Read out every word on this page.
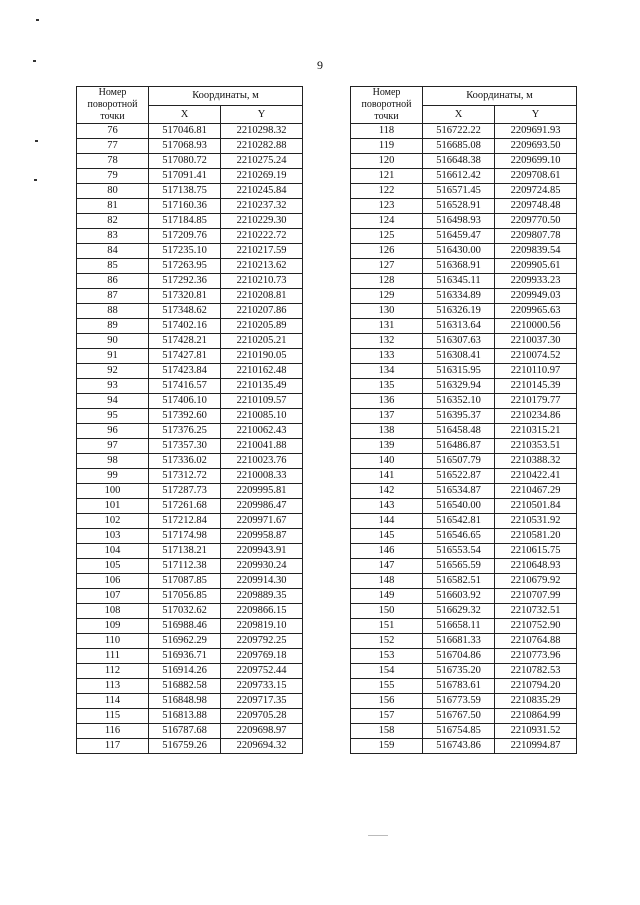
9
Номер
поворотной
точки	Координаты, м	
	X	Y
76	517046.81	2210298.32
77	517068.93	2210282.88
78	517080.72	2210275.24
79	517091.41	2210269.19
80	517138.75	2210245.84
81	517160.36	2210237.32
82	517184.85	2210229.30
83	517209.76	2210222.72
84	517235.10	2210217.59
85	517263.95	2210213.62
86	517292.36	2210210.73
87	517320.81	2210208.81
88	517348.62	2210207.86
89	517402.16	2210205.89
90	517428.21	2210205.21
91	517427.81	2210190.05
92	517423.84	2210162.48
93	517416.57	2210135.49
94	517406.10	2210109.57
95	517392.60	2210085.10
96	517376.25	2210062.43
97	517357.30	2210041.88
98	517336.02	2210023.76
99	517312.72	2210008.33
100	517287.73	2209995.81
101	517261.68	2209986.47
102	517212.84	2209971.67
103	517174.98	2209958.87
104	517138.21	2209943.91
105	517112.38	2209930.24
106	517087.85	2209914.30
107	517056.85	2209889.35
108	517032.62	2209866.15
109	516988.46	2209819.10
110	516962.29	2209792.25
111	516936.71	2209769.18
112	516914.26	2209752.44
113	516882.58	2209733.15
114	516848.98	2209717.35
115	516813.88	2209705.28
116	516787.68	2209698.97
117	516759.26	2209694.32
Номер
поворотной
точки	Координаты, м	
	X	Y
118	516722.22	2209691.93
119	516685.08	2209693.50
120	516648.38	2209699.10
121	516612.42	2209708.61
122	516571.45	2209724.85
123	516528.91	2209748.48
124	516498.93	2209770.50
125	516459.47	2209807.78
126	516430.00	2209839.54
127	516368.91	2209905.61
128	516345.11	2209933.23
129	516334.89	2209949.03
130	516326.19	2209965.63
131	516313.64	2210000.56
132	516307.63	2210037.30
133	516308.41	2210074.52
134	516315.95	2210110.97
135	516329.94	2210145.39
136	516352.10	2210179.77
137	516395.37	2210234.86
138	516458.48	2210315.21
139	516486.87	2210353.51
140	516507.79	2210388.32
141	516522.87	2210422.41
142	516534.87	2210467.29
143	516540.00	2210501.84
144	516542.81	2210531.92
145	516546.65	2210581.20
146	516553.54	2210615.75
147	516565.59	2210648.93
148	516582.51	2210679.92
149	516603.92	2210707.99
150	516629.32	2210732.51
151	516658.11	2210752.90
152	516681.33	2210764.88
153	516704.86	2210773.96
154	516735.20	2210782.53
155	516783.61	2210794.20
156	516773.59	2210835.29
157	516767.50	2210864.99
158	516754.85	2210931.52
159	516743.86	2210994.87
